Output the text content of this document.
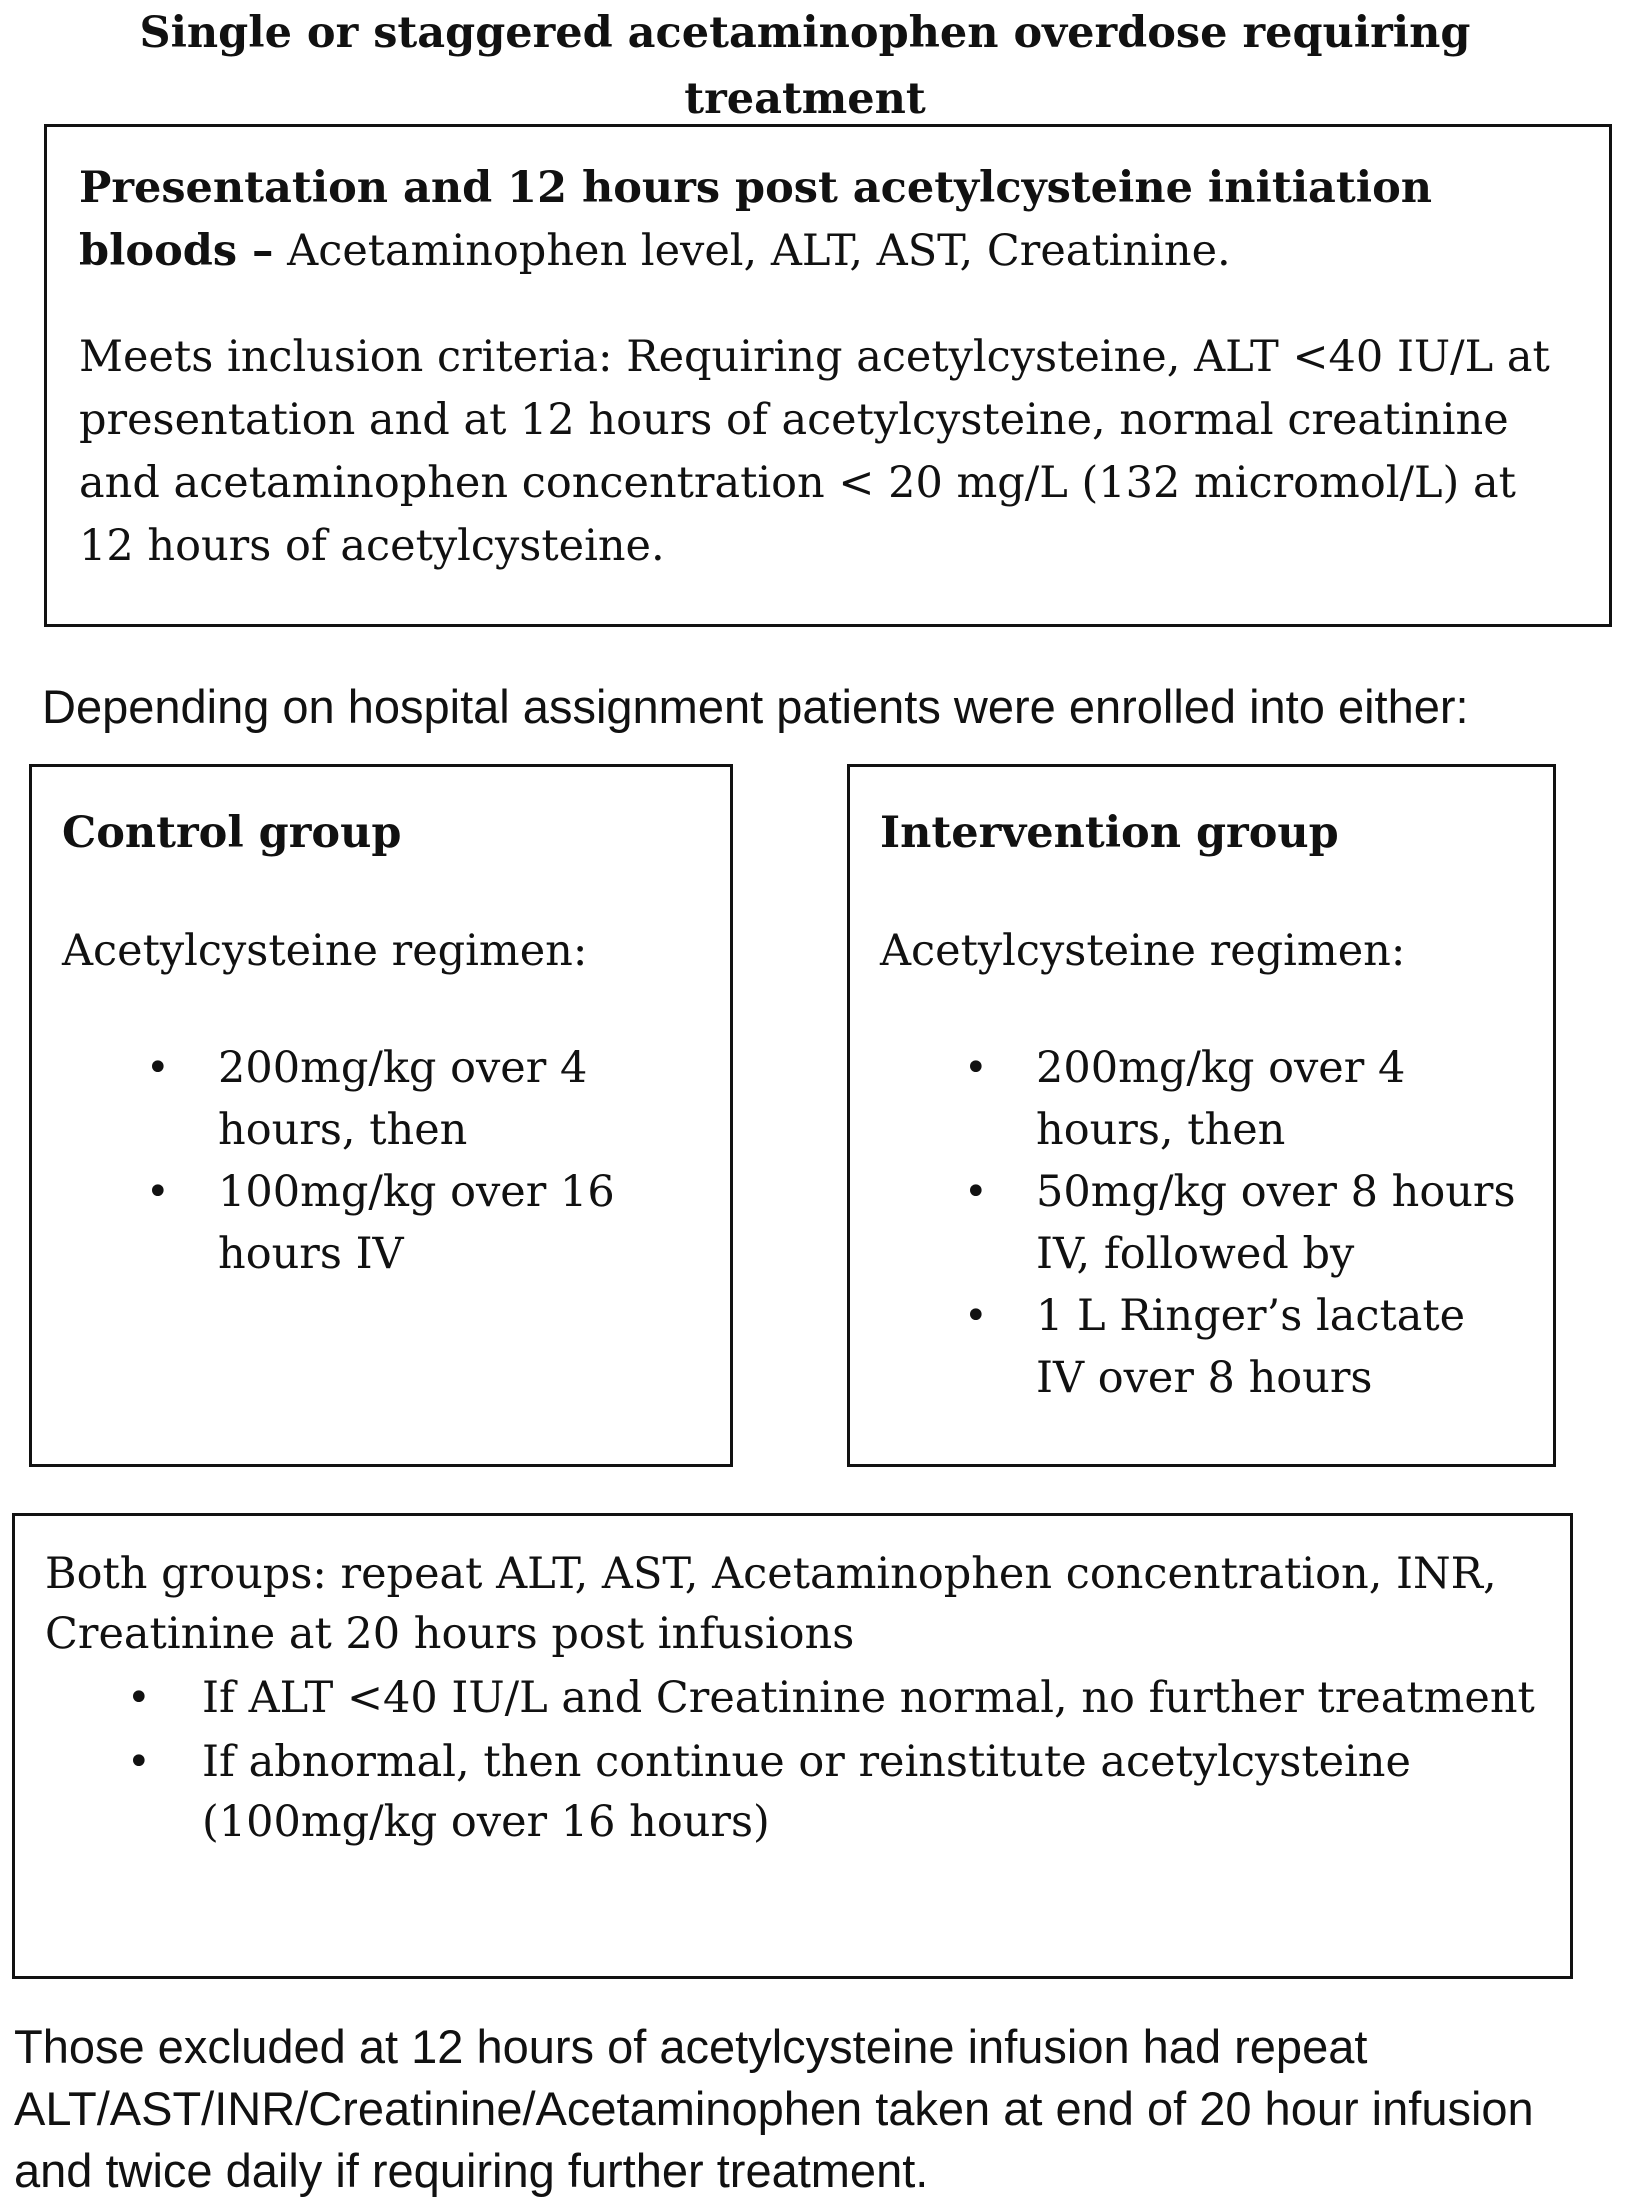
Single or staggered acetaminophen overdose requiring treatment

Presentation and 12 hours post acetylcysteine initiation bloods – Acetaminophen level, ALT, AST, Creatinine.

Meets inclusion criteria: Requiring acetylcysteine, ALT <40 IU/L at presentation and at 12 hours of acetylcysteine, normal creatinine and acetaminophen concentration < 20 mg/L (132 micromol/L) at 12 hours of acetylcysteine.

Depending on hospital assignment patients were enrolled into either:

Control group

Acetylcysteine regimen:

• 200mg/kg over 4 hours, then
• 100mg/kg over 16 hours IV

Intervention group

Acetylcysteine regimen:

• 200mg/kg over 4 hours, then
• 50mg/kg over 8 hours IV, followed by
• 1 L Ringer’s lactate IV over 8 hours

Both groups: repeat ALT, AST, Acetaminophen concentration, INR, Creatinine at 20 hours post infusions

• If ALT <40 IU/L and Creatinine normal, no further treatment
• If abnormal, then continue or reinstitute acetylcysteine (100mg/kg over 16 hours)
Those excluded at 12 hours of acetylcysteine infusion had repeat ALT/AST/INR/Creatinine/Acetaminophen taken at end of 20 hour infusion and twice daily if requiring further treatment.
